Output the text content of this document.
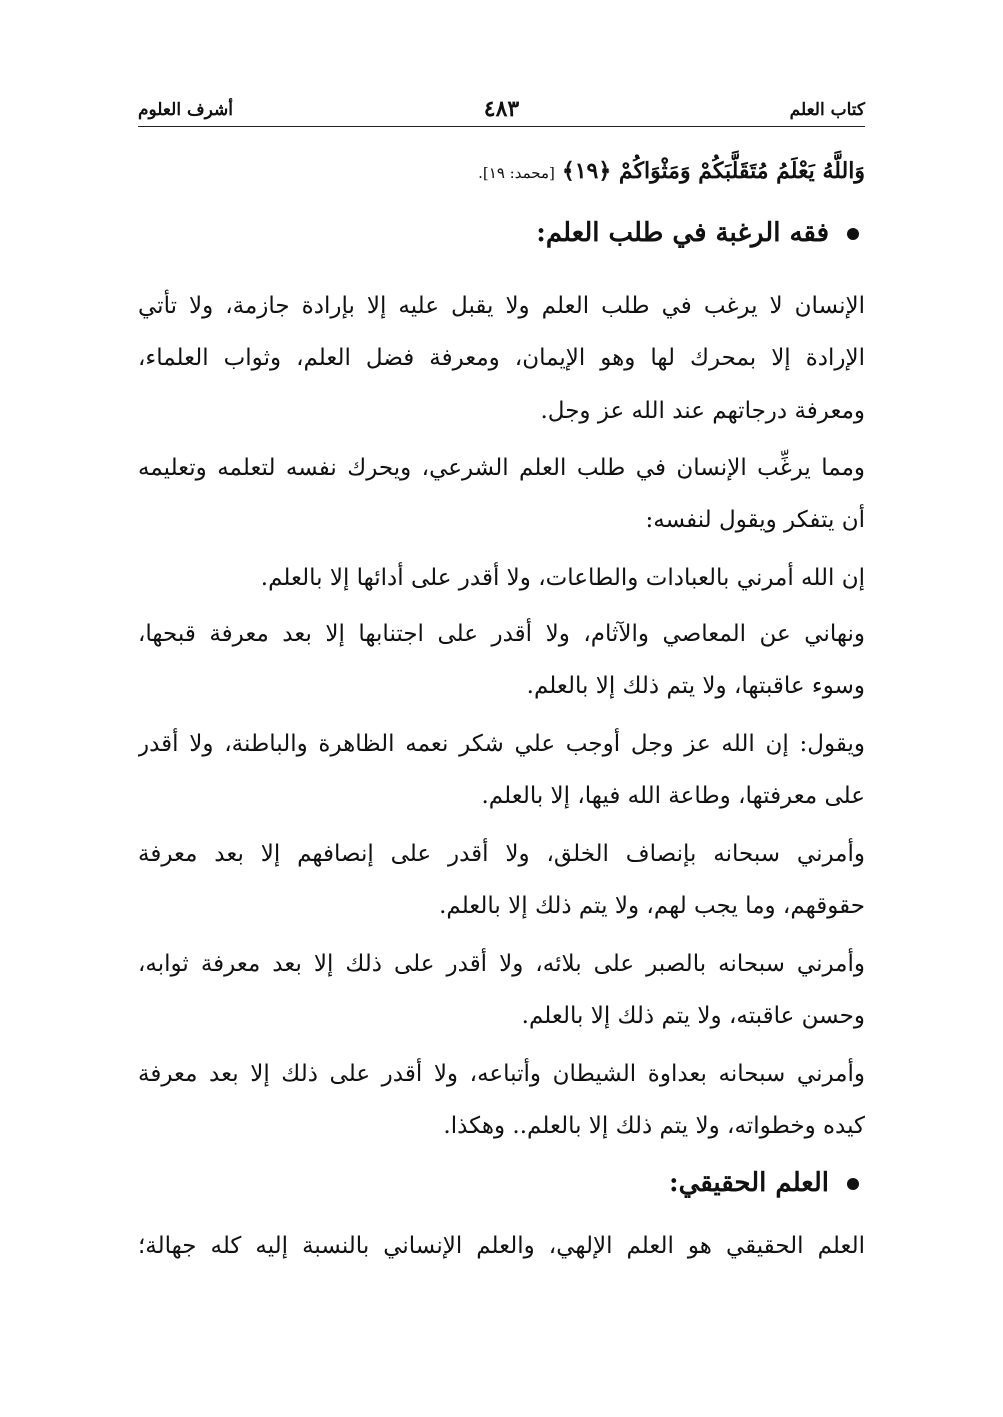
كتاب العلم
٤٨٣
أشرف العلوم
وَاللَّهُ يَعْلَمُ مُتَقَلَّبَكُمْ وَمَثْوَاكُمْ ﴿١٩﴾ [محمد: ١٩].
فقه الرغبة في طلب العلم:
الإنسان لا يرغب في طلب العلم ولا يقبل عليه إلا بإرادة جازمة، ولا تأتي
الإرادة إلا بمحرك لها وهو الإيمان، ومعرفة فضل العلم، وثواب العلماء،
ومعرفة درجاتهم عند الله عز وجل.
ومما يرغِّب الإنسان في طلب العلم الشرعي، ويحرك نفسه لتعلمه وتعليمه
أن يتفكر ويقول لنفسه:
إن الله أمرني بالعبادات والطاعات، ولا أقدر على أدائها إلا بالعلم.
ونهاني عن المعاصي والآثام، ولا أقدر على اجتنابها إلا بعد معرفة قبحها،
وسوء عاقبتها، ولا يتم ذلك إلا بالعلم.
ويقول: إن الله عز وجل أوجب علي شكر نعمه الظاهرة والباطنة، ولا أقدر
على معرفتها، وطاعة الله فيها، إلا بالعلم.
وأمرني سبحانه بإنصاف الخلق، ولا أقدر على إنصافهم إلا بعد معرفة
حقوقهم، وما يجب لهم، ولا يتم ذلك إلا بالعلم.
وأمرني سبحانه بالصبر على بلائه، ولا أقدر على ذلك إلا بعد معرفة ثوابه،
وحسن عاقبته، ولا يتم ذلك إلا بالعلم.
وأمرني سبحانه بعداوة الشيطان وأتباعه، ولا أقدر على ذلك إلا بعد معرفة
كيده وخطواته، ولا يتم ذلك إلا بالعلم.. وهكذا.
العلم الحقيقي:
العلم الحقيقي هو العلم الإلهي، والعلم الإنساني بالنسبة إليه كله جهالة؛
